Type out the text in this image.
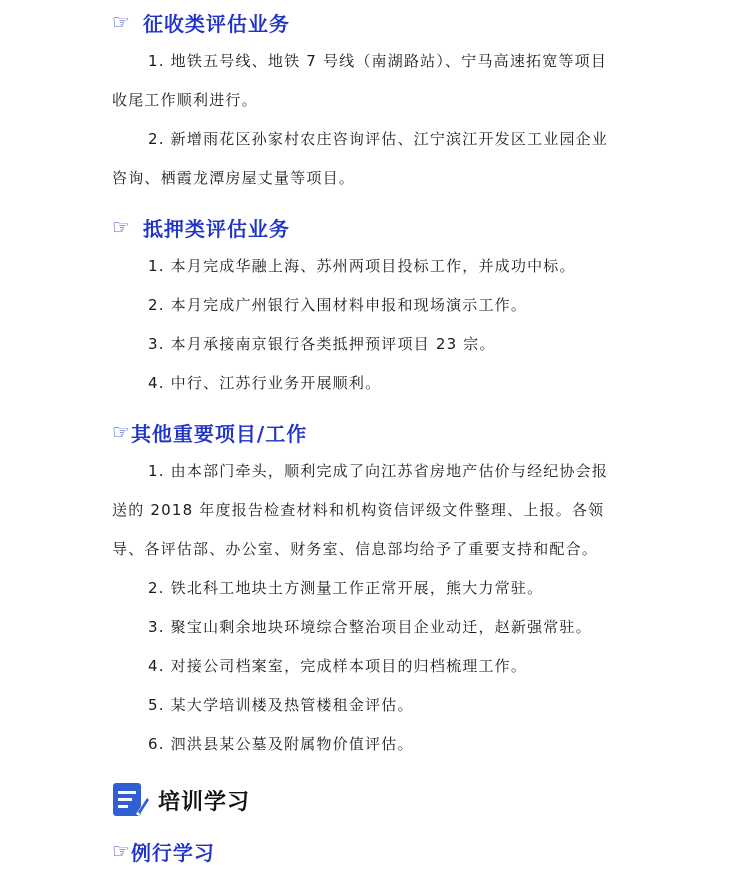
☞ 征收类评估业务
1. 地铁五号线、地铁 7 号线（南湖路站）、宁马高速拓宽等项目
收尾工作顺利进行。
2. 新增雨花区孙家村农庄咨询评估、江宁滨江开发区工业园企业
咨询、栖霞龙潭房屋丈量等项目。
☞ 抵押类评估业务
1. 本月完成华融上海、苏州两项目投标工作，并成功中标。
2. 本月完成广州银行入围材料申报和现场演示工作。
3. 本月承接南京银行各类抵押预评项目 23 宗。
4. 中行、江苏行业务开展顺利。
☞ 其他重要项目/工作
1. 由本部门牵头，顺利完成了向江苏省房地产估价与经纪协会报
送的 2018 年度报告检查材料和机构资信评级文件整理、上报。各领
导、各评估部、办公室、财务室、信息部均给予了重要支持和配合。
2. 铁北科工地块土方测量工作正常开展，熊大力常驻。
3. 聚宝山剩余地块环境综合整治项目企业动迁，赵新强常驻。
4. 对接公司档案室，完成样本项目的归档梳理工作。
5. 某大学培训楼及热管楼租金评估。
6. 泗洪县某公墓及附属物价值评估。
培训学习
☞ 例行学习
